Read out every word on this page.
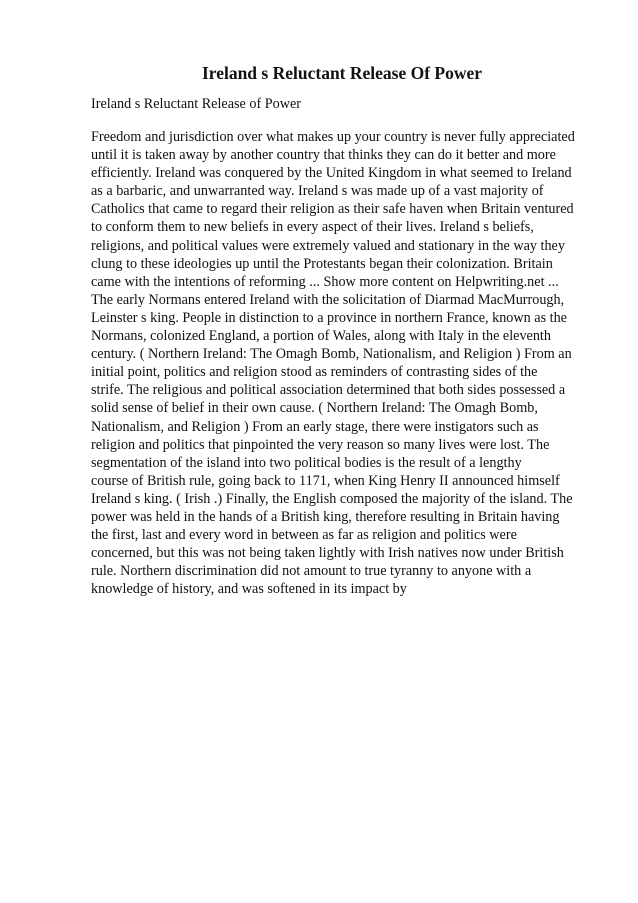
Ireland s Reluctant Release Of Power

Ireland s Reluctant Release of Power

Freedom and jurisdiction over what makes up your country is never fully appreciated
until it is taken away by another country that thinks they can do it better and more
efficiently. Ireland was conquered by the United Kingdom in what seemed to Ireland
as a barbaric, and unwarranted way. Ireland s was made up of a vast majority of
Catholics that came to regard their religion as their safe haven when Britain ventured
to conform them to new beliefs in every aspect of their lives. Ireland s beliefs,
religions, and political values were extremely valued and stationary in the way they
clung to these ideologies up until the Protestants began their colonization. Britain
came with the intentions of reforming ... Show more content on Helpwriting.net ...
The early Normans entered Ireland with the solicitation of Diarmad MacMurrough,
Leinster s king. People in distinction to a province in northern France, known as the
Normans, colonized England, a portion of Wales, along with Italy in the eleventh
century. ( Northern Ireland: The Omagh Bomb, Nationalism, and Religion ) From an
initial point, politics and religion stood as reminders of contrasting sides of the
strife. The religious and political association determined that both sides possessed a
solid sense of belief in their own cause. ( Northern Ireland: The Omagh Bomb,
Nationalism, and Religion ) From an early stage, there were instigators such as
religion and politics that pinpointed the very reason so many lives were lost. The
segmentation of the island into two political bodies is the result of a lengthy
course of British rule, going back to 1171, when King Henry II announced himself
Ireland s king. ( Irish .) Finally, the English composed the majority of the island. The
power was held in the hands of a British king, therefore resulting in Britain having
the first, last and every word in between as far as religion and politics were
concerned, but this was not being taken lightly with Irish natives now under British
rule. Northern discrimination did not amount to true tyranny to anyone with a
knowledge of history, and was softened in its impact by
